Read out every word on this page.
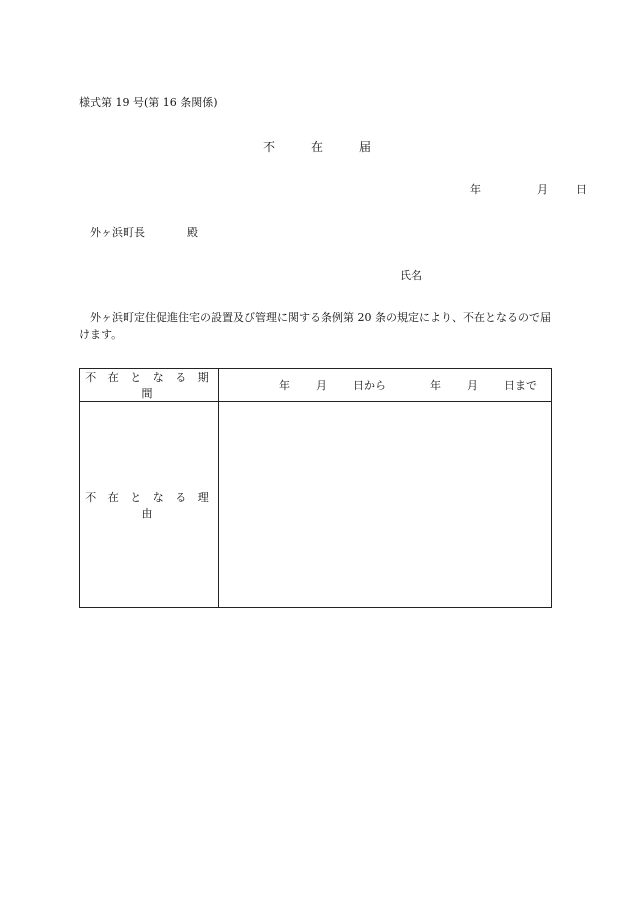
様式第 19 号(第 16 条関係)
不	在	届
年	月	日
外ヶ浜町長	殿
氏名
外ヶ浜町定住促進住宅の設置及び管理に関する条例第 20 条の規定により、不在となるので届けます。
不 在 と な る 期 間	年 月 日から 年 月 日まで
不 在 と な る 理 由	
